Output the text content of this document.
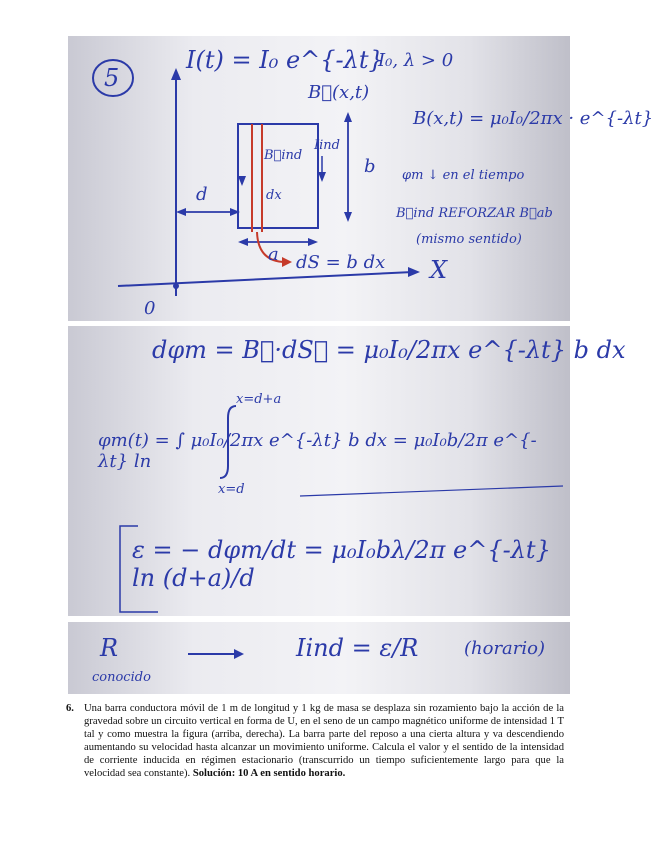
5
I(t) = I₀ e^{-λt}
I₀, λ > 0
B⃗(x,t)
B(x,t) = μ₀I₀/2πx · e^{-λt}
B⃗ind
Iind
b
d	dx
a dS = b dx X
0
φm ↓ en el tiempo
B⃗ind REFORZAR B⃗ab
(mismo sentido)
dφm = B⃗·dS⃗ = μ₀I₀/2πx e^{-λt} b dx
x=d+a
φm(t) = ∫ μ₀I₀/2πx e^{-λt} b dx = μ₀I₀b/2π e^{-λt} ln
x=d
ε = − dφm/dt = μ₀I₀bλ/2π e^{-λt} ln (d+a)/d
R
conocido
Iind = ε/R	(horario)
6. Una barra conductora móvil de 1 m de longitud y 1 kg de masa se desplaza sin rozamiento bajo la acción de la gravedad sobre un circuito vertical en forma de U, en el seno de un campo magnético uniforme de intensidad 1 T tal y como muestra la figura (arriba, derecha). La barra parte del reposo a una cierta altura y va descendiendo aumentando su velocidad hasta alcanzar un movimiento uniforme. Calcula el valor y el sentido de la intensidad de corriente inducida en régimen estacionario (transcurrido un tiempo suficientemente largo para que la velocidad sea constante). Solución: 10 A en sentido horario.
